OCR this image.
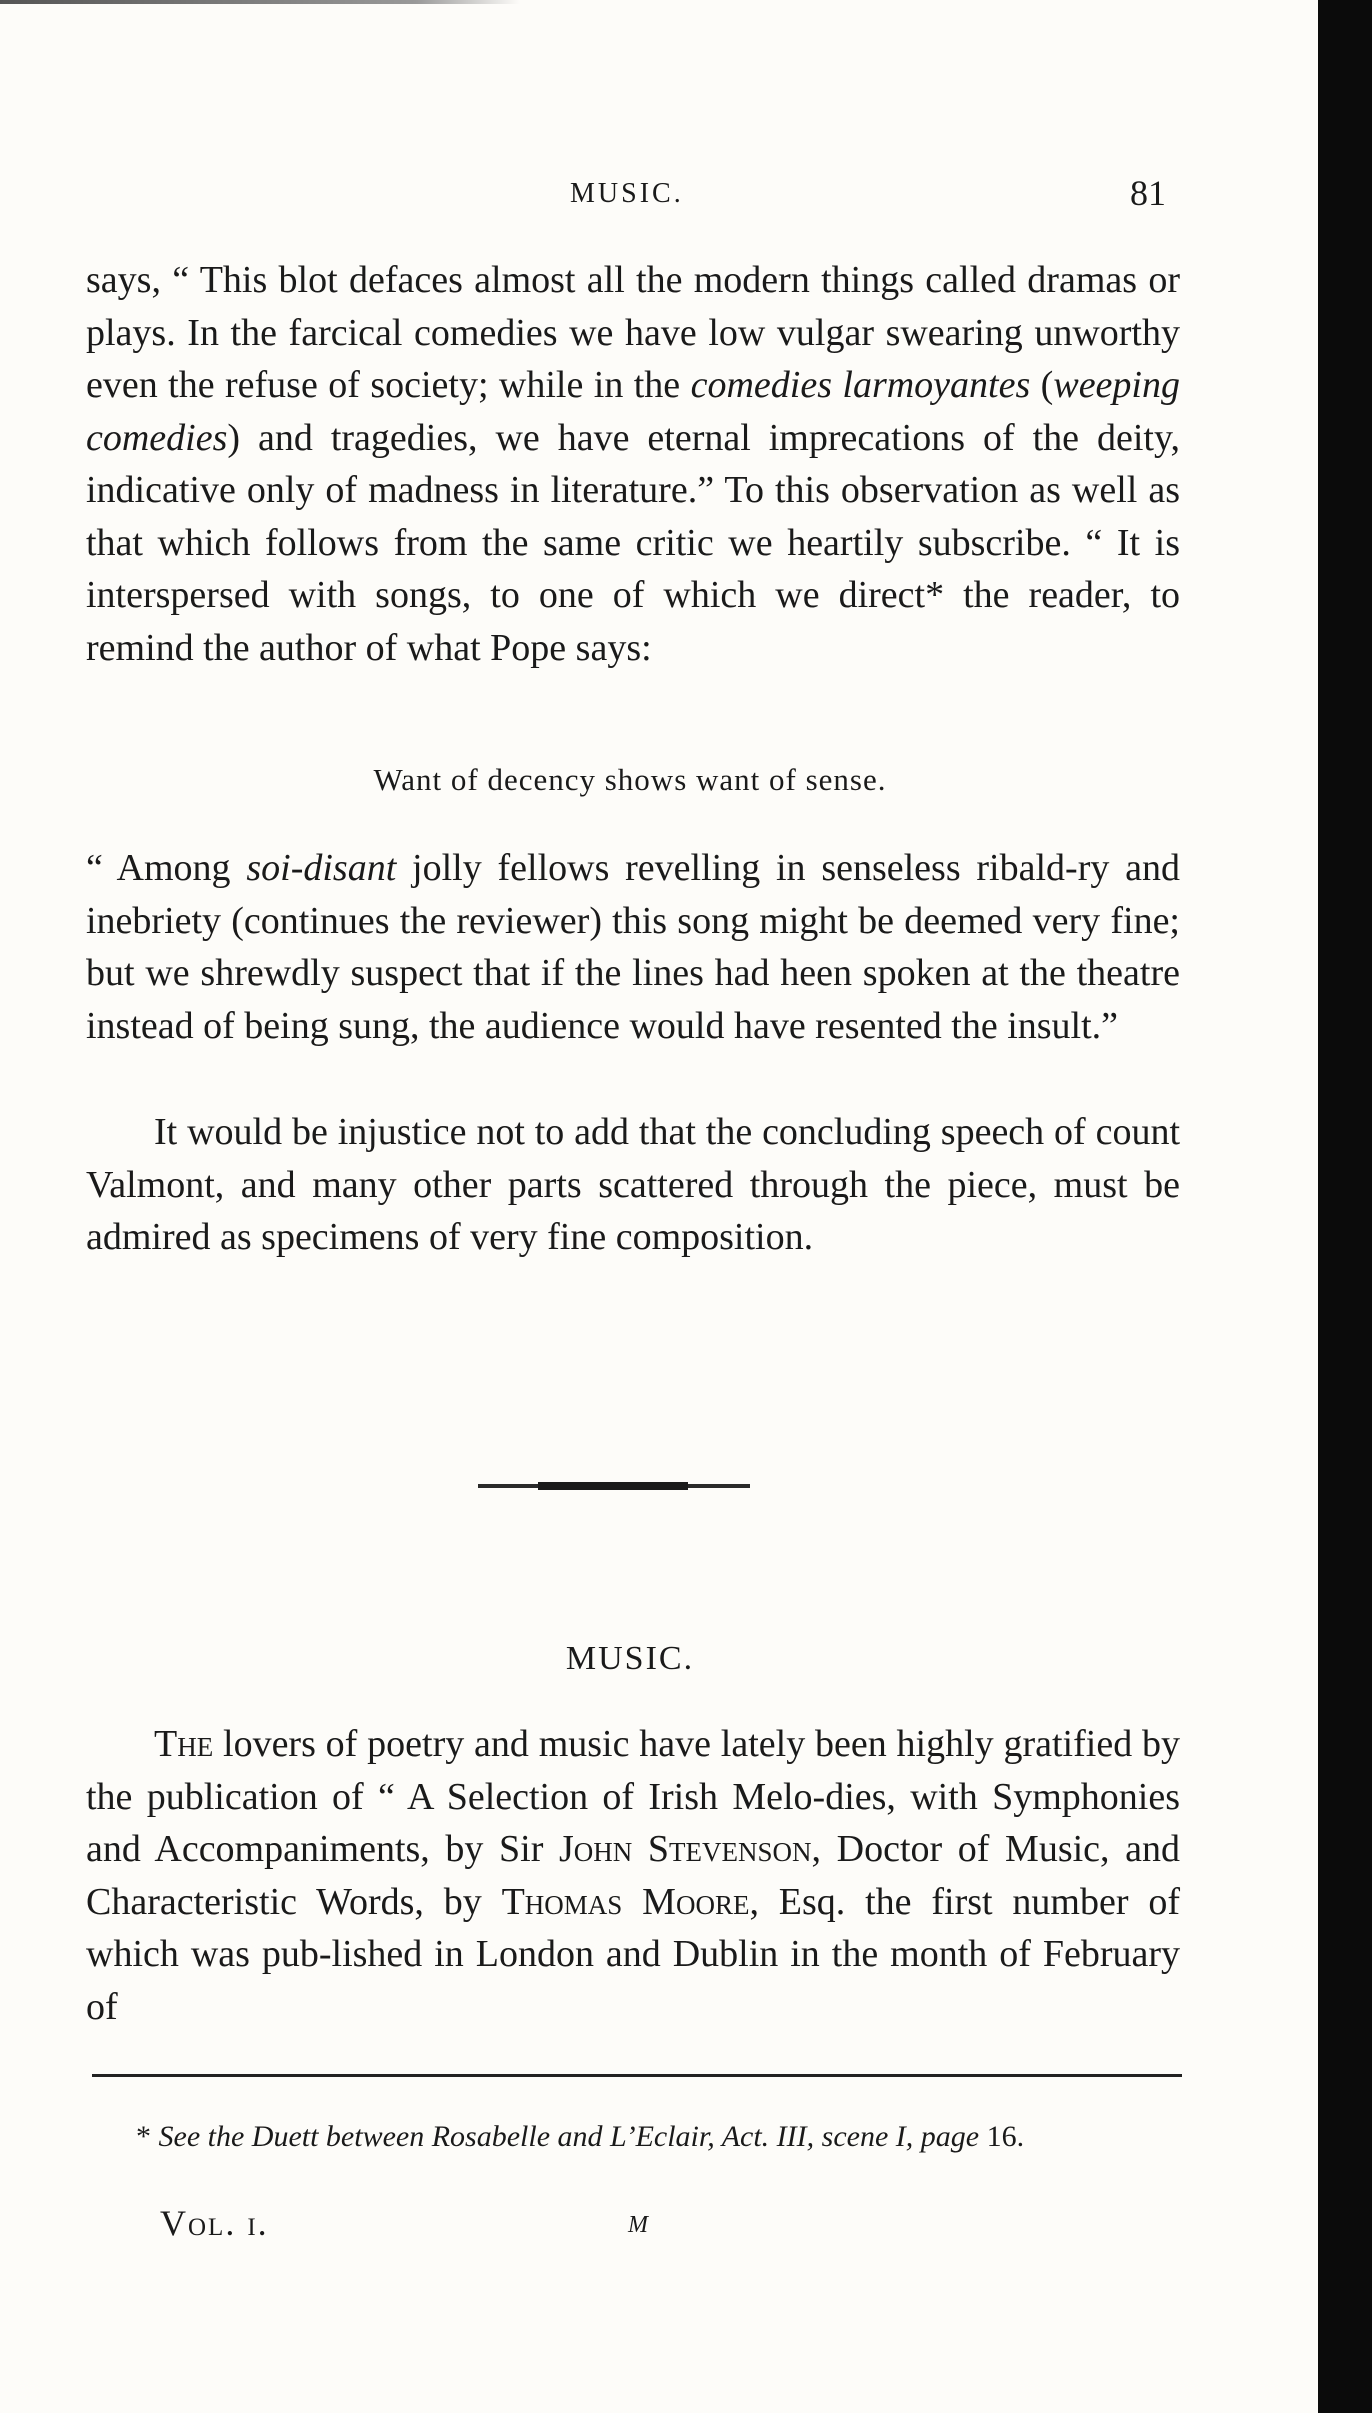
MUSIC.	81

says, “ This blot defaces almost all the modern things called dramas or plays. In the farcical comedies we have low vulgar swearing unworthy even the refuse of society; while in the comedies larmoyantes (weeping comedies) and tragedies, we have eternal imprecations of the deity, indicative only of madness in literature.” To this observation as well as that which follows from the same critic we heartily subscribe. “ It is interspersed with songs, to one of which we direct* the reader, to remind the author of what Pope says:

Want of decency shows want of sense.

“ Among soi-disant jolly fellows revelling in senseless ribald-ry and inebriety (continues the reviewer) this song might be deemed very fine; but we shrewdly suspect that if the lines had heen spoken at the theatre instead of being sung, the audience would have resented the insult.”

It would be injustice not to add that the concluding speech of count Valmont, and many other parts scattered through the piece, must be admired as specimens of very fine composition.

MUSIC.

The lovers of poetry and music have lately been highly gratified by the publication of “ A Selection of Irish Melo-dies, with Symphonies and Accompaniments, by Sir John Stevenson, Doctor of Music, and Characteristic Words, by Thomas Moore, Esq. the first number of which was pub-lished in London and Dublin in the month of February of

* See the Duett between Rosabelle and L’Eclair, Act. III, scene I, page 16.

Vol. i.	M
